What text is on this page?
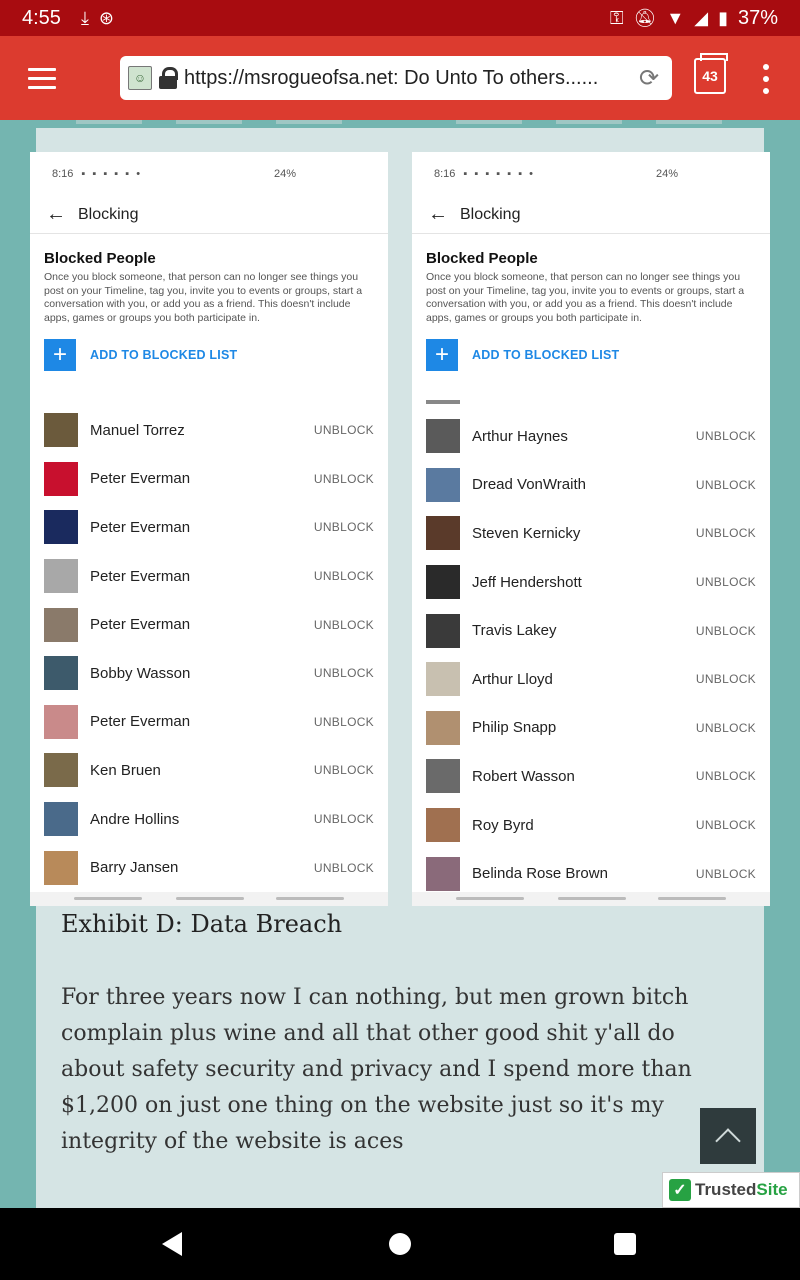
4:55 ⤓ ⊛	⚿ 🔕︎ ▼ ◢ ▮ 37%
☺ https://msrogueofsa.net: Do Unto To others......	⟳	43
8:16 ▪ ▪ ▪ ▪ ▪ •	24%
← Blocking
Blocked People
Once you block someone, that person can no longer see things you post on your Timeline, tag you, invite you to events or groups, start a conversation with you, or add you as a friend. This doesn't include apps, games or groups you both participate in.
+	ADD TO BLOCKED LIST
Manuel Torrez	UNBLOCK
Peter Everman	UNBLOCK
Peter Everman	UNBLOCK
Peter Everman	UNBLOCK
Peter Everman	UNBLOCK
Bobby Wasson	UNBLOCK
Peter Everman	UNBLOCK
Ken Bruen	UNBLOCK
Andre Hollins	UNBLOCK
Barry Jansen	UNBLOCK
8:16 ▪ ▪ ▪ ▪ ▪ ▪ •	24%
← Blocking
Blocked People
Once you block someone, that person can no longer see things you post on your Timeline, tag you, invite you to events or groups, start a conversation with you, or add you as a friend. This doesn't include apps, games or groups you both participate in.
+	ADD TO BLOCKED LIST
Arthur Haynes	UNBLOCK
Dread VonWraith	UNBLOCK
Steven Kernicky	UNBLOCK
Jeff Hendershott	UNBLOCK
Travis Lakey	UNBLOCK
Arthur Lloyd	UNBLOCK
Philip Snapp	UNBLOCK
Robert Wasson	UNBLOCK
Roy Byrd	UNBLOCK
Belinda Rose Brown	UNBLOCK
Exhibit D: Data Breach
For three years now I can nothing, but men grown bitch complain plus wine and all that other good shit y'all do about safety security and privacy and I spend more than $1,200 on just one thing on the website just so it's my integrity of the website is aces
✓ TrustedSite
